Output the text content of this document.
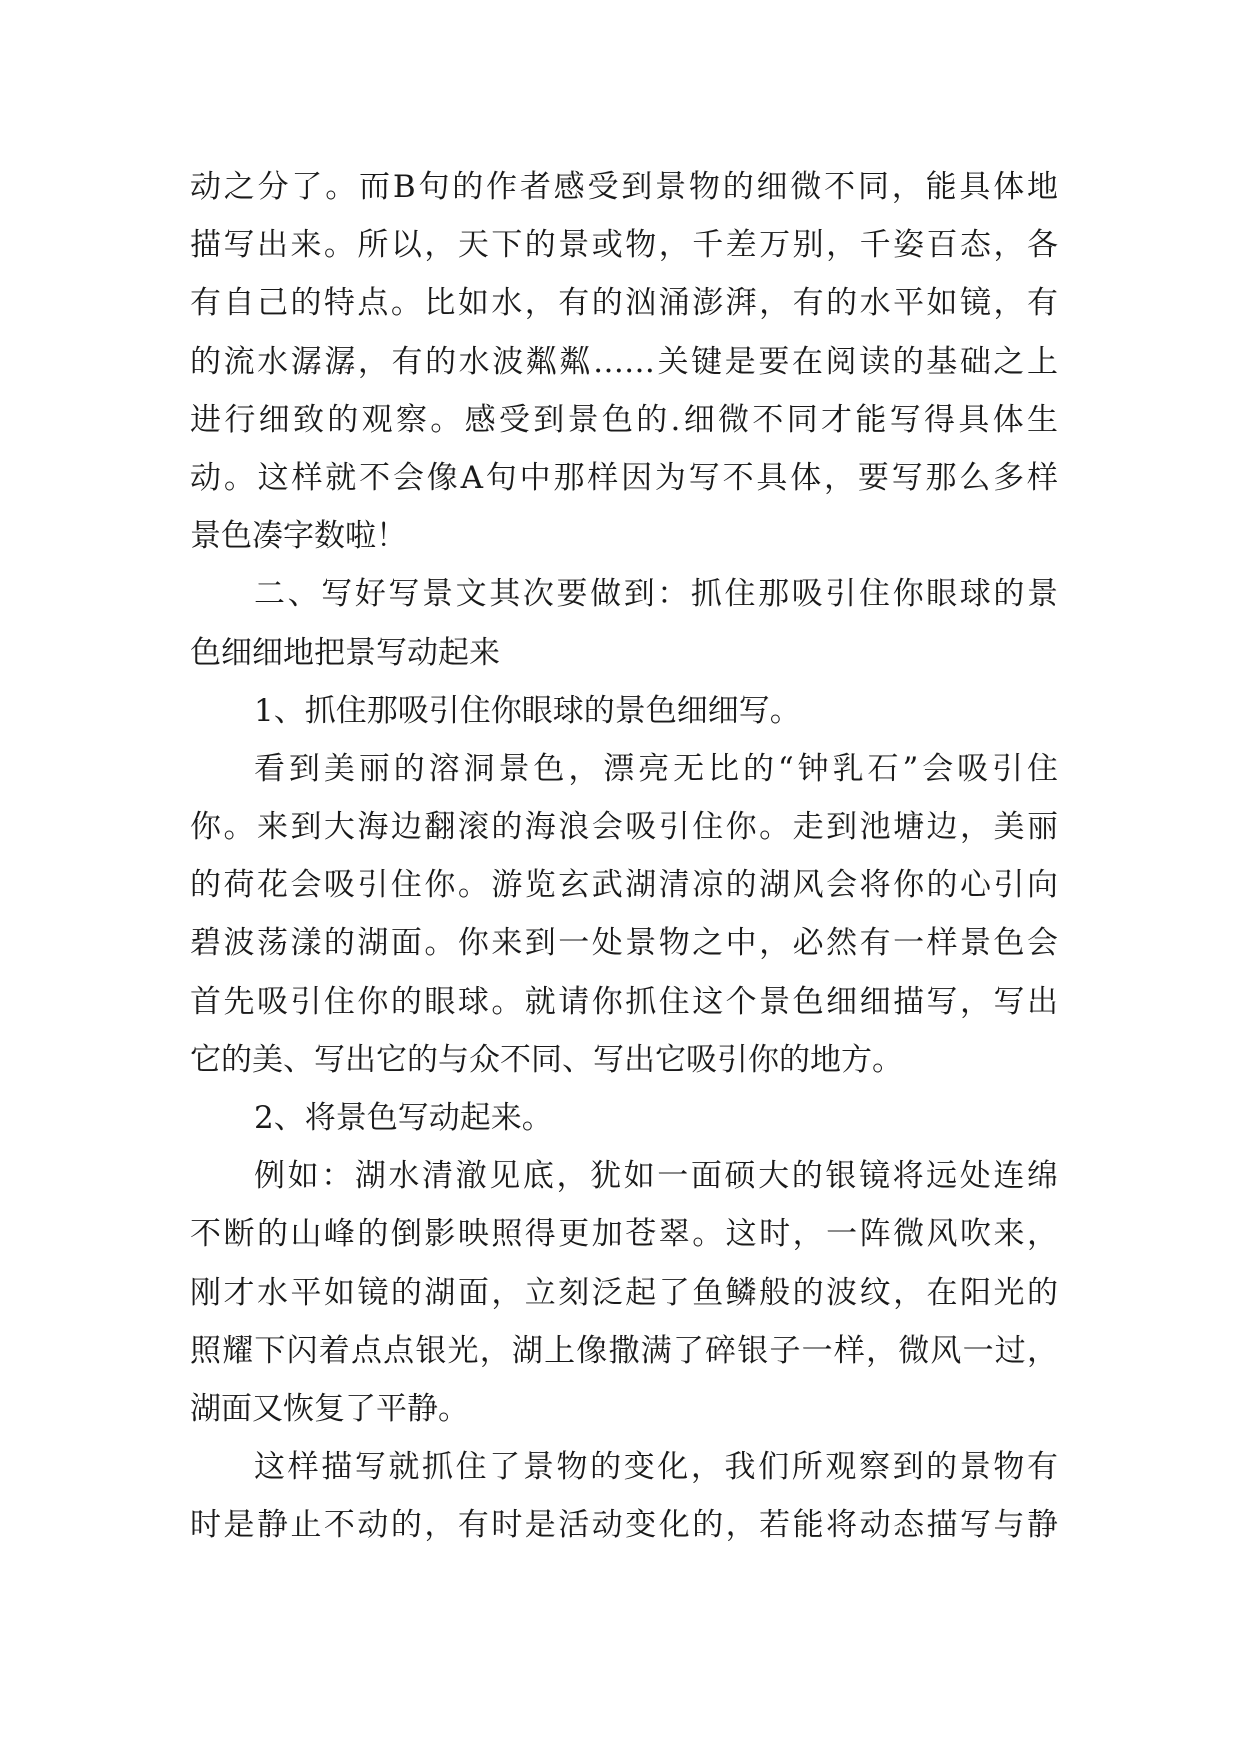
动之分了。而B句的作者感受到景物的细微不同，能具体地
描写出来。所以，天下的景或物，千差万别，千姿百态，各
有自己的特点。比如水，有的汹涌澎湃，有的水平如镜，有
的流水潺潺，有的水波粼粼……关键是要在阅读的基础之上
进行细致的观察。感受到景色的.细微不同才能写得具体生
动。这样就不会像A句中那样因为写不具体，要写那么多样
景色凑字数啦！
二、写好写景文其次要做到：抓住那吸引住你眼球的景
色细细地把景写动起来
1、抓住那吸引住你眼球的景色细细写。
看到美丽的溶洞景色，漂亮无比的“钟乳石”会吸引住
你。来到大海边翻滚的海浪会吸引住你。走到池塘边，美丽
的荷花会吸引住你。游览玄武湖清凉的湖风会将你的心引向
碧波荡漾的湖面。你来到一处景物之中，必然有一样景色会
首先吸引住你的眼球。就请你抓住这个景色细细描写，写出
它的美、写出它的与众不同、写出它吸引你的地方。
2、将景色写动起来。
例如：湖水清澈见底，犹如一面硕大的银镜将远处连绵
不断的山峰的倒影映照得更加苍翠。这时，一阵微风吹来，
刚才水平如镜的湖面，立刻泛起了鱼鳞般的波纹，在阳光的
照耀下闪着点点银光，湖上像撒满了碎银子一样，微风一过，
湖面又恢复了平静。
这样描写就抓住了景物的变化，我们所观察到的景物有
时是静止不动的，有时是活动变化的，若能将动态描写与静
